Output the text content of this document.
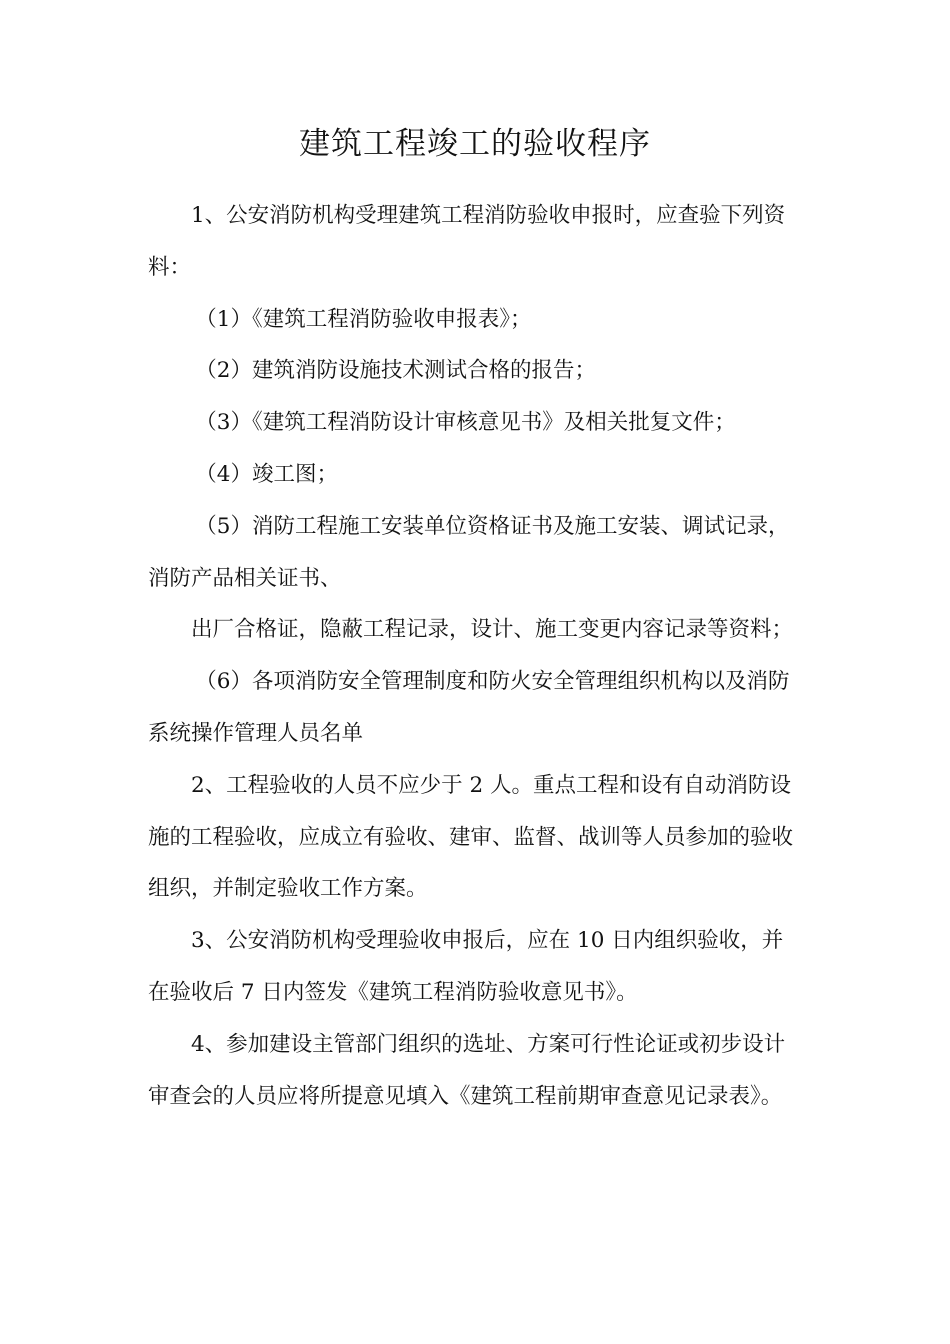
建筑工程竣工的验收程序

1、公安消防机构受理建筑工程消防验收申报时，应查验下列资料：

（1）《建筑工程消防验收申报表》；

（2）建筑消防设施技术测试合格的报告；

（3）《建筑工程消防设计审核意见书》及相关批复文件；

（4）竣工图；

（5）消防工程施工安装单位资格证书及施工安装、调试记录，消防产品相关证书、

出厂合格证，隐蔽工程记录，设计、施工变更内容记录等资料；

（6）各项消防安全管理制度和防火安全管理组织机构以及消防系统操作管理人员名单

2、工程验收的人员不应少于 2 人。重点工程和设有自动消防设施的工程验收，应成立有验收、建审、监督、战训等人员参加的验收组织，并制定验收工作方案。

3、公安消防机构受理验收申报后，应在 10 日内组织验收，并在验收后 7 日内签发《建筑工程消防验收意见书》。

4、参加建设主管部门组织的选址、方案可行性论证或初步设计审查会的人员应将所提意见填入《建筑工程前期审查意见记录表》。
